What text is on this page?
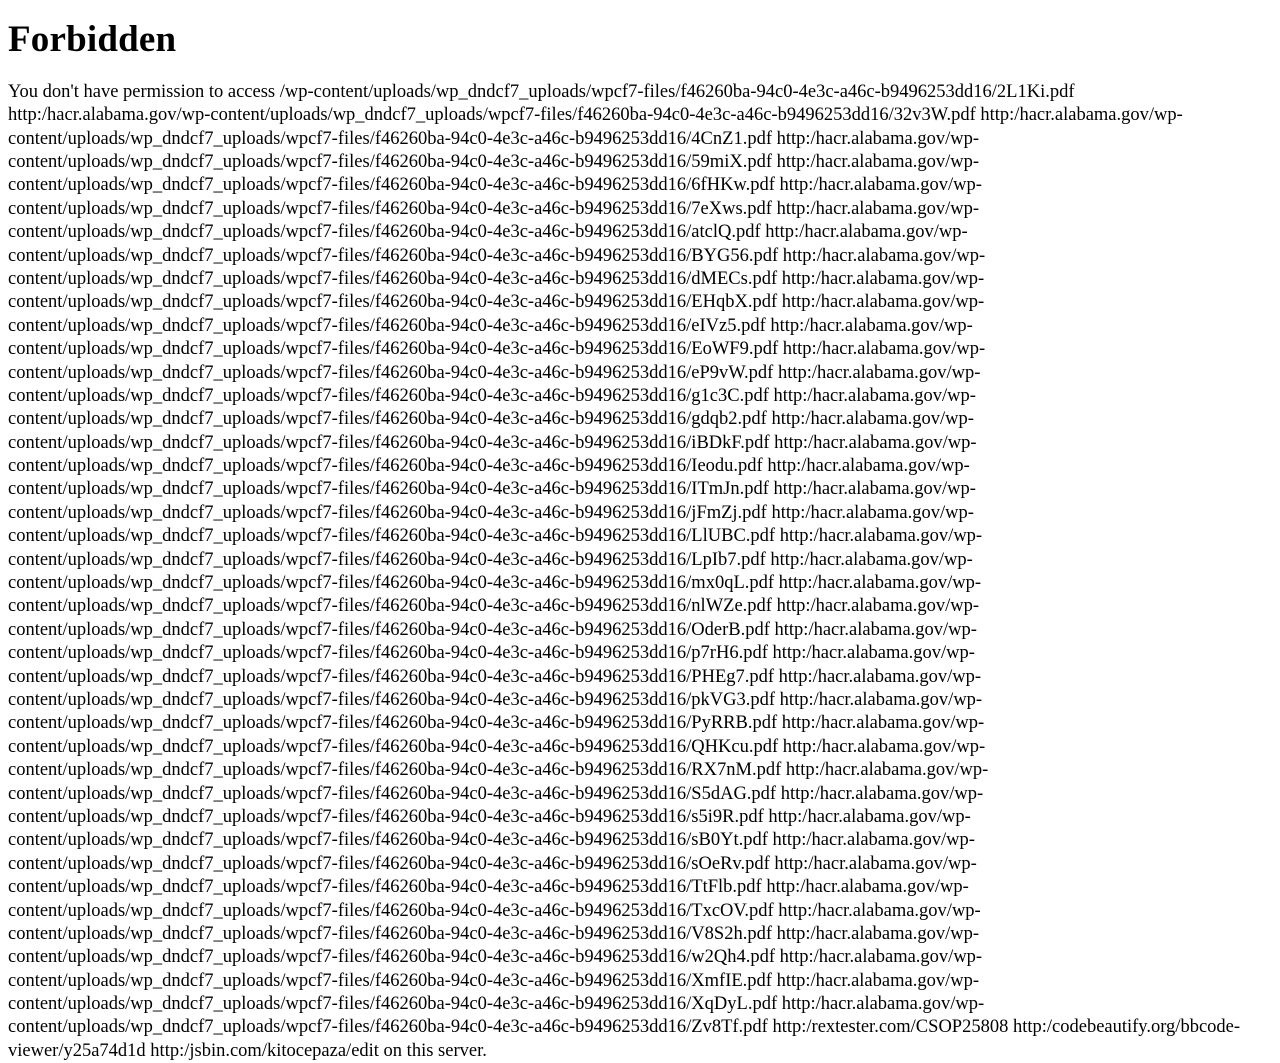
Forbidden

You don't have permission to access /wp-content/uploads/wp_dndcf7_uploads/wpcf7-files/f46260ba-94c0-4e3c-a46c-b9496253dd16/2L1Ki.pdf http:/hacr.alabama.gov/wp-content/uploads/wp_dndcf7_uploads/wpcf7-files/f46260ba-94c0-4e3c-a46c-b9496253dd16/32v3W.pdf http:/hacr.alabama.gov/wp-content/uploads/wp_dndcf7_uploads/wpcf7-files/f46260ba-94c0-4e3c-a46c-b9496253dd16/4CnZ1.pdf http:/hacr.alabama.gov/wp-content/uploads/wp_dndcf7_uploads/wpcf7-files/f46260ba-94c0-4e3c-a46c-b9496253dd16/59miX.pdf http:/hacr.alabama.gov/wp-content/uploads/wp_dndcf7_uploads/wpcf7-files/f46260ba-94c0-4e3c-a46c-b9496253dd16/6fHKw.pdf http:/hacr.alabama.gov/wp-content/uploads/wp_dndcf7_uploads/wpcf7-files/f46260ba-94c0-4e3c-a46c-b9496253dd16/7eXws.pdf http:/hacr.alabama.gov/wp-content/uploads/wp_dndcf7_uploads/wpcf7-files/f46260ba-94c0-4e3c-a46c-b9496253dd16/atclQ.pdf http:/hacr.alabama.gov/wp-content/uploads/wp_dndcf7_uploads/wpcf7-files/f46260ba-94c0-4e3c-a46c-b9496253dd16/BYG56.pdf http:/hacr.alabama.gov/wp-content/uploads/wp_dndcf7_uploads/wpcf7-files/f46260ba-94c0-4e3c-a46c-b9496253dd16/dMECs.pdf http:/hacr.alabama.gov/wp-content/uploads/wp_dndcf7_uploads/wpcf7-files/f46260ba-94c0-4e3c-a46c-b9496253dd16/EHqbX.pdf http:/hacr.alabama.gov/wp-content/uploads/wp_dndcf7_uploads/wpcf7-files/f46260ba-94c0-4e3c-a46c-b9496253dd16/eIVz5.pdf http:/hacr.alabama.gov/wp-content/uploads/wp_dndcf7_uploads/wpcf7-files/f46260ba-94c0-4e3c-a46c-b9496253dd16/EoWF9.pdf http:/hacr.alabama.gov/wp-content/uploads/wp_dndcf7_uploads/wpcf7-files/f46260ba-94c0-4e3c-a46c-b9496253dd16/eP9vW.pdf http:/hacr.alabama.gov/wp-content/uploads/wp_dndcf7_uploads/wpcf7-files/f46260ba-94c0-4e3c-a46c-b9496253dd16/g1c3C.pdf http:/hacr.alabama.gov/wp-content/uploads/wp_dndcf7_uploads/wpcf7-files/f46260ba-94c0-4e3c-a46c-b9496253dd16/gdqb2.pdf http:/hacr.alabama.gov/wp-content/uploads/wp_dndcf7_uploads/wpcf7-files/f46260ba-94c0-4e3c-a46c-b9496253dd16/iBDkF.pdf http:/hacr.alabama.gov/wp-content/uploads/wp_dndcf7_uploads/wpcf7-files/f46260ba-94c0-4e3c-a46c-b9496253dd16/Ieodu.pdf http:/hacr.alabama.gov/wp-content/uploads/wp_dndcf7_uploads/wpcf7-files/f46260ba-94c0-4e3c-a46c-b9496253dd16/ITmJn.pdf http:/hacr.alabama.gov/wp-content/uploads/wp_dndcf7_uploads/wpcf7-files/f46260ba-94c0-4e3c-a46c-b9496253dd16/jFmZj.pdf http:/hacr.alabama.gov/wp-content/uploads/wp_dndcf7_uploads/wpcf7-files/f46260ba-94c0-4e3c-a46c-b9496253dd16/LlUBC.pdf http:/hacr.alabama.gov/wp-content/uploads/wp_dndcf7_uploads/wpcf7-files/f46260ba-94c0-4e3c-a46c-b9496253dd16/LpIb7.pdf http:/hacr.alabama.gov/wp-content/uploads/wp_dndcf7_uploads/wpcf7-files/f46260ba-94c0-4e3c-a46c-b9496253dd16/mx0qL.pdf http:/hacr.alabama.gov/wp-content/uploads/wp_dndcf7_uploads/wpcf7-files/f46260ba-94c0-4e3c-a46c-b9496253dd16/nlWZe.pdf http:/hacr.alabama.gov/wp-content/uploads/wp_dndcf7_uploads/wpcf7-files/f46260ba-94c0-4e3c-a46c-b9496253dd16/OderB.pdf http:/hacr.alabama.gov/wp-content/uploads/wp_dndcf7_uploads/wpcf7-files/f46260ba-94c0-4e3c-a46c-b9496253dd16/p7rH6.pdf http:/hacr.alabama.gov/wp-content/uploads/wp_dndcf7_uploads/wpcf7-files/f46260ba-94c0-4e3c-a46c-b9496253dd16/PHEg7.pdf http:/hacr.alabama.gov/wp-content/uploads/wp_dndcf7_uploads/wpcf7-files/f46260ba-94c0-4e3c-a46c-b9496253dd16/pkVG3.pdf http:/hacr.alabama.gov/wp-content/uploads/wp_dndcf7_uploads/wpcf7-files/f46260ba-94c0-4e3c-a46c-b9496253dd16/PyRRB.pdf http:/hacr.alabama.gov/wp-content/uploads/wp_dndcf7_uploads/wpcf7-files/f46260ba-94c0-4e3c-a46c-b9496253dd16/QHKcu.pdf http:/hacr.alabama.gov/wp-content/uploads/wp_dndcf7_uploads/wpcf7-files/f46260ba-94c0-4e3c-a46c-b9496253dd16/RX7nM.pdf http:/hacr.alabama.gov/wp-content/uploads/wp_dndcf7_uploads/wpcf7-files/f46260ba-94c0-4e3c-a46c-b9496253dd16/S5dAG.pdf http:/hacr.alabama.gov/wp-content/uploads/wp_dndcf7_uploads/wpcf7-files/f46260ba-94c0-4e3c-a46c-b9496253dd16/s5i9R.pdf http:/hacr.alabama.gov/wp-content/uploads/wp_dndcf7_uploads/wpcf7-files/f46260ba-94c0-4e3c-a46c-b9496253dd16/sB0Yt.pdf http:/hacr.alabama.gov/wp-content/uploads/wp_dndcf7_uploads/wpcf7-files/f46260ba-94c0-4e3c-a46c-b9496253dd16/sOeRv.pdf http:/hacr.alabama.gov/wp-content/uploads/wp_dndcf7_uploads/wpcf7-files/f46260ba-94c0-4e3c-a46c-b9496253dd16/TtFlb.pdf http:/hacr.alabama.gov/wp-content/uploads/wp_dndcf7_uploads/wpcf7-files/f46260ba-94c0-4e3c-a46c-b9496253dd16/TxcOV.pdf http:/hacr.alabama.gov/wp-content/uploads/wp_dndcf7_uploads/wpcf7-files/f46260ba-94c0-4e3c-a46c-b9496253dd16/V8S2h.pdf http:/hacr.alabama.gov/wp-content/uploads/wp_dndcf7_uploads/wpcf7-files/f46260ba-94c0-4e3c-a46c-b9496253dd16/w2Qh4.pdf http:/hacr.alabama.gov/wp-content/uploads/wp_dndcf7_uploads/wpcf7-files/f46260ba-94c0-4e3c-a46c-b9496253dd16/XmfIE.pdf http:/hacr.alabama.gov/wp-content/uploads/wp_dndcf7_uploads/wpcf7-files/f46260ba-94c0-4e3c-a46c-b9496253dd16/XqDyL.pdf http:/hacr.alabama.gov/wp-content/uploads/wp_dndcf7_uploads/wpcf7-files/f46260ba-94c0-4e3c-a46c-b9496253dd16/Zv8Tf.pdf http:/rextester.com/CSOP25808 http:/codebeautify.org/bbcode-viewer/y25a74d1d http:/jsbin.com/kitocepaza/edit on this server.
